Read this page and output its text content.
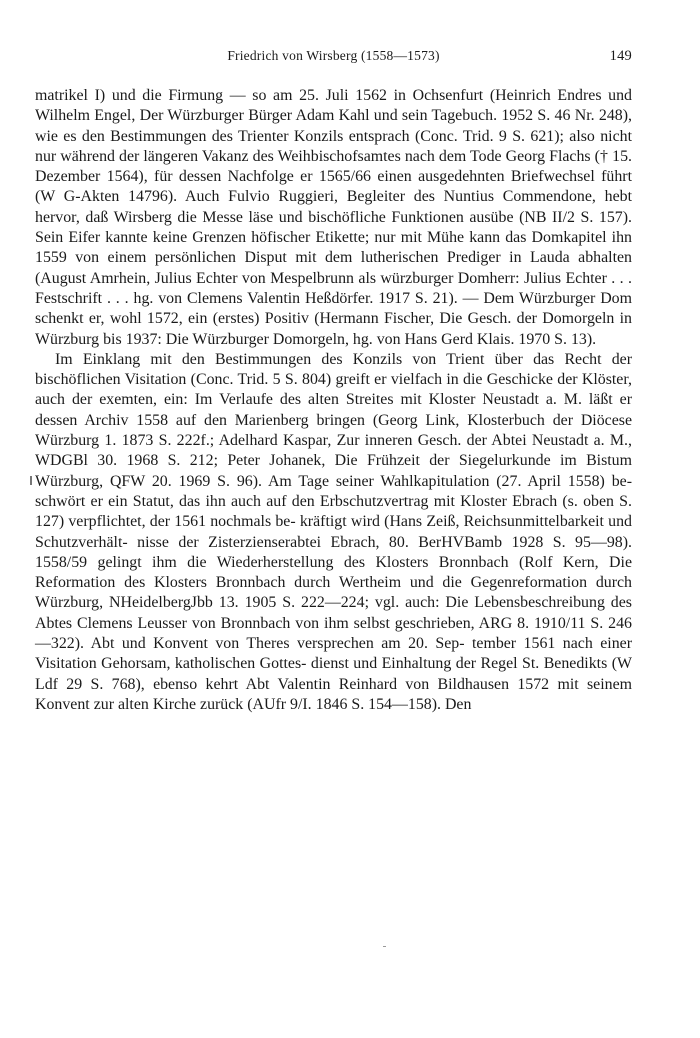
Friedrich von Wirsberg (1558—1573)	149

matrikel I) und die Firmung — so am 25. Juli 1562 in Ochsenfurt (Heinrich Endres und Wilhelm Engel, Der Würzburger Bürger Adam Kahl und sein Tagebuch. 1952 S. 46 Nr. 248), wie es den Bestimmungen des Trienter Konzils entsprach (Conc. Trid. 9 S. 621); also nicht nur während der längeren Vakanz des Weihbischofsamtes nach dem Tode Georg Flachs († 15. Dezember 1564), für dessen Nachfolge er 1565/66 einen ausgedehnten Briefwechsel führt (W G-Akten 14796). Auch Fulvio Ruggieri, Begleiter des Nuntius Commendone, hebt hervor, daß Wirsberg die Messe läse und bischöfliche Funktionen ausübe (NB II/2 S. 157). Sein Eifer kannte keine Grenzen höfischer Etikette; nur mit Mühe kann das Domkapitel ihn 1559 von einem persönlichen Disput mit dem lutherischen Prediger in Lauda abhalten (August Amrhein, Julius Echter von Mespelbrunn als würzburger Domherr: Julius Echter . . . Festschrift . . . hg. von Clemens Valentin Heßdörfer. 1917 S. 21). — Dem Würzburger Dom schenkt er, wohl 1572, ein (erstes) Positiv (Hermann Fischer, Die Gesch. der Domorgeln in Würzburg bis 1937: Die Würzburger Domorgeln, hg. von Hans Gerd Klais. 1970 S. 13).

Im Einklang mit den Bestimmungen des Konzils von Trient über das Recht der bischöflichen Visitation (Conc. Trid. 5 S. 804) greift er vielfach in die Geschicke der Klöster, auch der exemten, ein: Im Verlaufe des alten Streites mit Kloster Neustadt a. M. läßt er dessen Archiv 1558 auf den Marienberg bringen (Georg Link, Klosterbuch der Diöcese Würzburg 1. 1873 S. 222f.; Adelhard Kaspar, Zur inneren Gesch. der Abtei Neustadt a. M., WDGBl 30. 1968 S. 212; Peter Johanek, Die Frühzeit der Siegelurkunde im Bistum Würzburg, QFW 20. 1969 S. 96). Am Tage seiner Wahlkapitulation (27. April 1558) be- schwört er ein Statut, das ihn auch auf den Erbschutzvertrag mit Kloster Ebrach (s. oben S. 127) verpflichtet, der 1561 nochmals be- kräftigt wird (Hans Zeiß, Reichsunmittelbarkeit und Schutzverhält- nisse der Zisterzienserabtei Ebrach, 80. BerHVBamb 1928 S. 95—98). 1558/59 gelingt ihm die Wiederherstellung des Klosters Bronnbach (Rolf Kern, Die Reformation des Klosters Bronnbach durch Wertheim und die Gegenreformation durch Würzburg, NHeidelbergJbb 13. 1905 S. 222—224; vgl. auch: Die Lebensbeschreibung des Abtes Clemens Leusser von Bronnbach von ihm selbst geschrieben, ARG 8. 1910/11 S. 246—322). Abt und Konvent von Theres versprechen am 20. Sep- tember 1561 nach einer Visitation Gehorsam, katholischen Gottes- dienst und Einhaltung der Regel St. Benedikts (W Ldf 29 S. 768), ebenso kehrt Abt Valentin Reinhard von Bildhausen 1572 mit seinem Konvent zur alten Kirche zurück (AUfr 9/I. 1846 S. 154—158). Den
